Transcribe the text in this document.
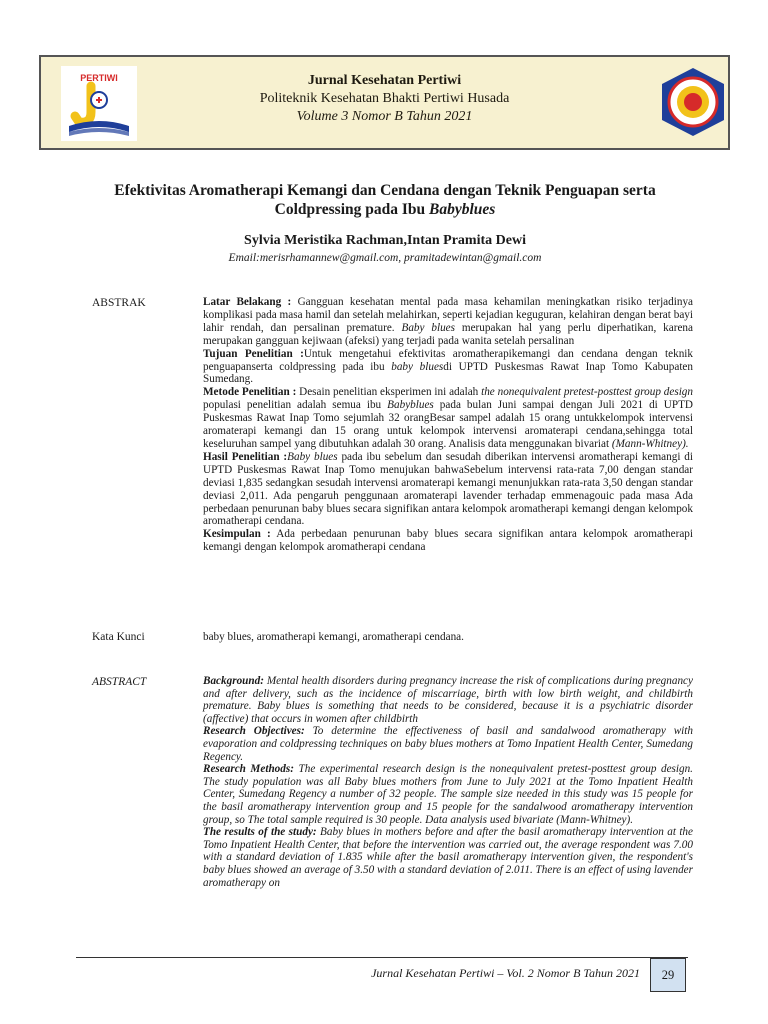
PERTIWI	Jurnal Kesehatan Pertiwi
Politeknik Kesehatan Bhakti Pertiwi Husada
Volume 3 Nomor B Tahun 2021
Efektivitas Aromatherapi Kemangi dan Cendana dengan Teknik Penguapan serta Coldpressing pada Ibu Babyblues
Sylvia Meristika Rachman,Intan Pramita Dewi
Email:merisrhamannew@gmail.com, pramitadewintan@gmail.com
ABSTRAK	Latar Belakang : Gangguan kesehatan mental pada masa kehamilan meningkatkan risiko terjadinya komplikasi pada masa hamil dan setelah melahirkan, seperti kejadian keguguran, kelahiran dengan berat bayi lahir rendah, dan persalinan premature. Baby blues merupakan hal yang perlu diperhatikan, karena merupakan gangguan kejiwaan (afeksi) yang terjadi pada wanita setelah persalinan

Tujuan Penelitian :Untuk mengetahui efektivitas aromatherapikemangi dan cendana dengan teknik penguapanserta coldpressing pada ibu baby bluesdi UPTD Puskesmas Rawat Inap Tomo Kabupaten Sumedang.

Metode Penelitian : Desain penelitian eksperimen ini adalah the nonequivalent pretest-posttest group design populasi penelitian adalah semua ibu Babyblues pada bulan Juni sampai dengan Juli 2021 di UPTD Puskesmas Rawat Inap Tomo sejumlah 32 orangBesar sampel adalah 15 orang untukkelompok intervensi aromaterapi kemangi dan 15 orang untuk kelompok intervensi aromaterapi cendana,sehingga total keseluruhan sampel yang dibutuhkan adalah 30 orang. Analisis data menggunakan bivariat (Mann-Whitney).

Hasil Penelitian :Baby blues pada ibu sebelum dan sesudah diberikan intervensi aromatherapi kemangi di UPTD Puskesmas Rawat Inap Tomo menujukan bahwaSebelum intervensi rata-rata 7,00 dengan standar deviasi 1,835 sedangkan sesudah intervensi aromaterapi kemangi menunjukkan rata-rata 3,50 dengan standar deviasi 2,011. Ada pengaruh penggunaan aromaterapi lavender terhadap emmenagouic pada masa Ada perbedaan penurunan baby blues secara signifikan antara kelompok aromatherapi kemangi dengan kelompok aromatherapi cendana.

Kesimpulan : Ada perbedaan penurunan baby blues secara signifikan antara kelompok aromatherapi kemangi dengan kelompok aromatherapi cendana

Kata Kunci	baby blues, aromatherapi kemangi, aromatherapi cendana.
ABSTRACT	Background: Mental health disorders during pregnancy increase the risk of complications during pregnancy and after delivery, such as the incidence of miscarriage, birth with low birth weight, and childbirth premature. Baby blues is something that needs to be considered, because it is a psychiatric disorder (affective) that occurs in women after childbirth

Research Objectives: To determine the effectiveness of basil and sandalwood aromatherapy with evaporation and coldpressing techniques on baby blues mothers at Tomo Inpatient Health Center, Sumedang Regency.

Research Methods: The experimental research design is the nonequivalent pretest-posttest group design. The study population was all Baby blues mothers from June to July 2021 at the Tomo Inpatient Health Center, Sumedang Regency a number of 32 people. The sample size needed in this study was 15 people for the basil aromatherapy intervention group and 15 people for the sandalwood aromatherapy intervention group, so The total sample required is 30 people. Data analysis used bivariate (Mann-Whitney).

The results of the study: Baby blues in mothers before and after the basil aromatherapy intervention at the Tomo Inpatient Health Center, that before the intervention was carried out, the average respondent was 7.00 with a standard deviation of 1.835 while after the basil aromatherapy intervention given, the respondent's baby blues showed an average of 3.50 with a standard deviation of 2.011. There is an effect of using lavender aromatherapy on

Jurnal Kesehatan Pertiwi – Vol. 2 Nomor B Tahun 2021	29
